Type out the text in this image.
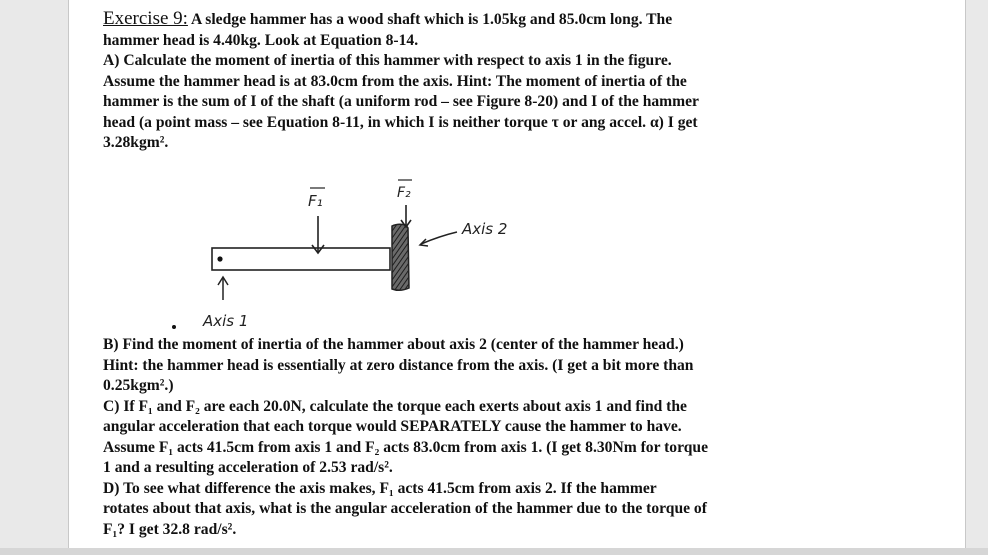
Exercise 9: A sledge hammer has a wood shaft which is 1.05kg and 85.0cm long. The
hammer head is 4.40kg. Look at Equation 8-14.
A) Calculate the moment of inertia of this hammer with respect to axis 1 in the figure.
Assume the hammer head is at 83.0cm from the axis. Hint: The moment of inertia of the
hammer is the sum of I of the shaft (a uniform rod – see Figure 8-20) and I of the hammer
head (a point mass – see Equation 8-11, in which I is neither torque τ or ang accel. α) I get
3.28kgm².
F₁	F₂
Axis 2
Axis 1
B) Find the moment of inertia of the hammer about axis 2 (center of the hammer head.)
Hint: the hammer head is essentially at zero distance from the axis. (I get a bit more than
0.25kgm².)
C) If F₁ and F₂ are each 20.0N, calculate the torque each exerts about axis 1 and find the
angular acceleration that each torque would SEPARATELY cause the hammer to have.
Assume F₁ acts 41.5cm from axis 1 and F₂ acts 83.0cm from axis 1. (I get 8.30Nm for torque
1 and a resulting acceleration of 2.53 rad/s².
D) To see what difference the axis makes, F₁ acts 41.5cm from axis 2. If the hammer
rotates about that axis, what is the angular acceleration of the hammer due to the torque of
F₁? I get 32.8 rad/s².
